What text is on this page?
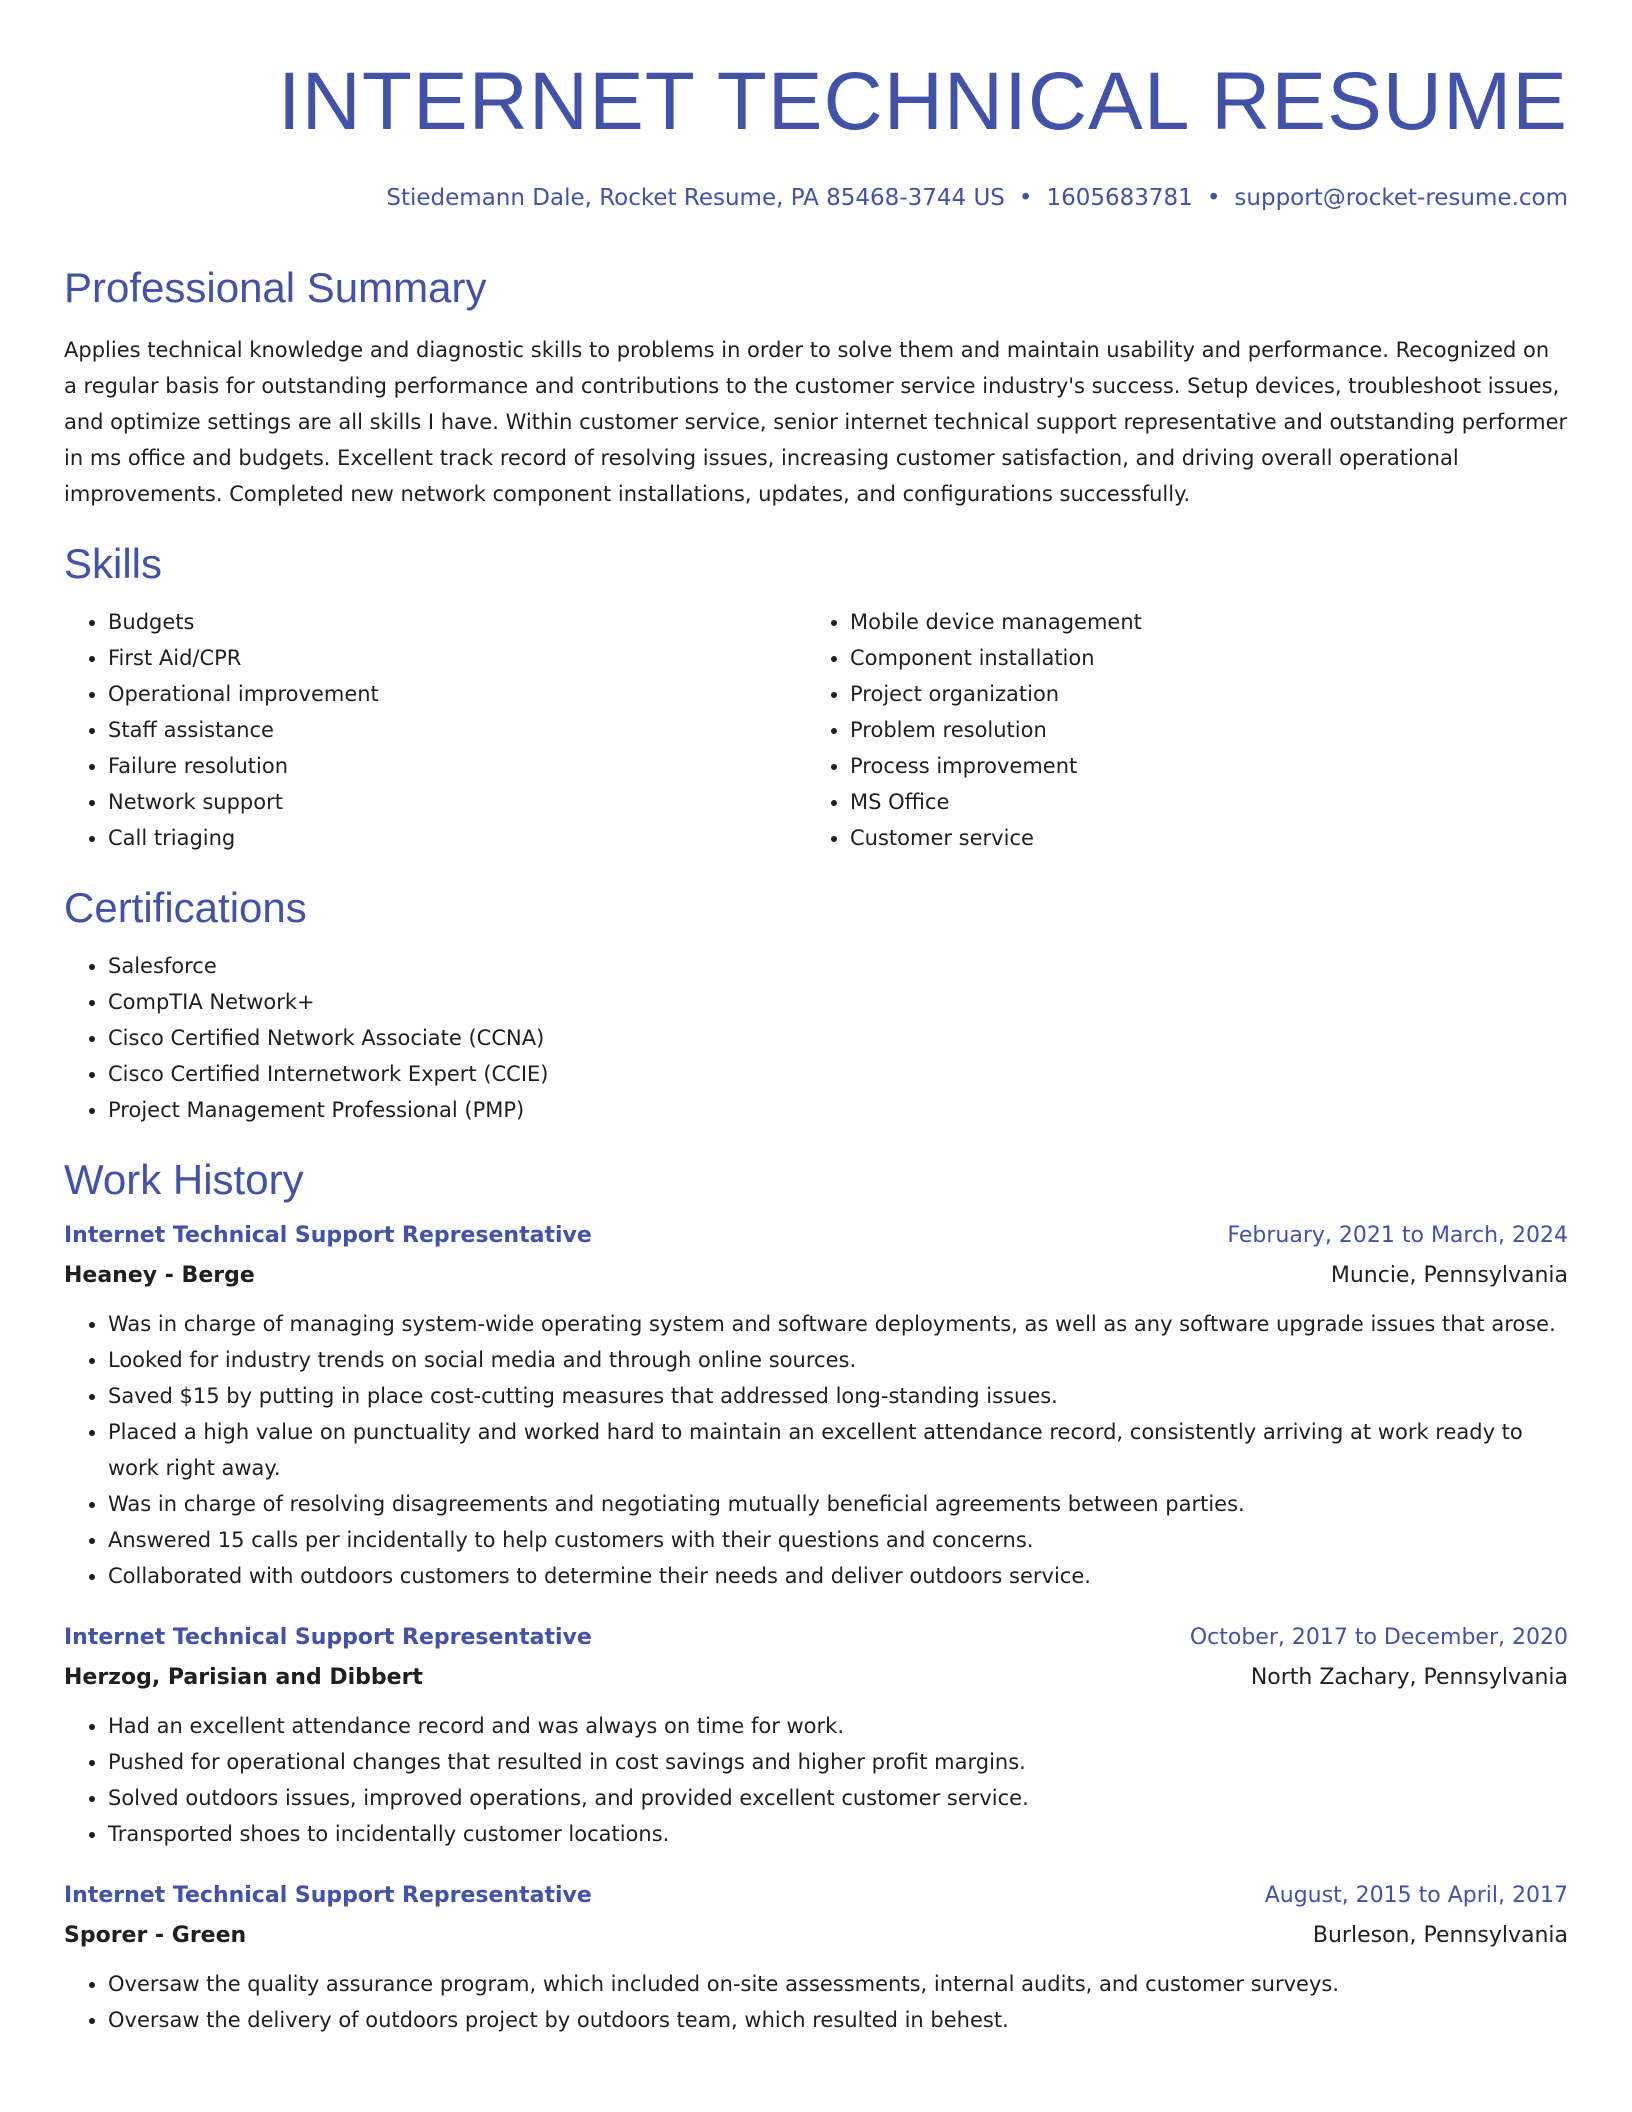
INTERNET TECHNICAL RESUME
Stiedemann Dale, Rocket Resume, PA 85468-3744 US • 1605683781 • support@rocket-resume.com
Professional Summary

Applies technical knowledge and diagnostic skills to problems in order to solve them and maintain usability and performance. Recognized on a regular basis for outstanding performance and contributions to the customer service industry's success. Setup devices, troubleshoot issues, and optimize settings are all skills I have. Within customer service, senior internet technical support representative and outstanding performer in ms office and budgets. Excellent track record of resolving issues, increasing customer satisfaction, and driving overall operational improvements. Completed new network component installations, updates, and configurations successfully.

Skills
• Budgets
• First Aid/CPR
• Operational improvement
• Staff assistance
• Failure resolution
• Network support
• Call triaging
• Mobile device management
• Component installation
• Project organization
• Problem resolution
• Process improvement
• MS Office
• Customer service
Certifications
• Salesforce
• CompTIA Network+
• Cisco Certified Network Associate (CCNA)
• Cisco Certified Internetwork Expert (CCIE)
• Project Management Professional (PMP)
Work History
Internet Technical Support Representative	February, 2021 to March, 2024
Heaney - Berge	Muncie, Pennsylvania
• Was in charge of managing system-wide operating system and software deployments, as well as any software upgrade issues that arose.
• Looked for industry trends on social media and through online sources.
• Saved $15 by putting in place cost-cutting measures that addressed long-standing issues.
• Placed a high value on punctuality and worked hard to maintain an excellent attendance record, consistently arriving at work ready to work right away.
• Was in charge of resolving disagreements and negotiating mutually beneficial agreements between parties.
• Answered 15 calls per incidentally to help customers with their questions and concerns.
• Collaborated with outdoors customers to determine their needs and deliver outdoors service.
Internet Technical Support Representative	October, 2017 to December, 2020
Herzog, Parisian and Dibbert	North Zachary, Pennsylvania
• Had an excellent attendance record and was always on time for work.
• Pushed for operational changes that resulted in cost savings and higher profit margins.
• Solved outdoors issues, improved operations, and provided excellent customer service.
• Transported shoes to incidentally customer locations.
Internet Technical Support Representative	August, 2015 to April, 2017
Sporer - Green	Burleson, Pennsylvania
• Oversaw the quality assurance program, which included on-site assessments, internal audits, and customer surveys.
• Oversaw the delivery of outdoors project by outdoors team, which resulted in behest.
